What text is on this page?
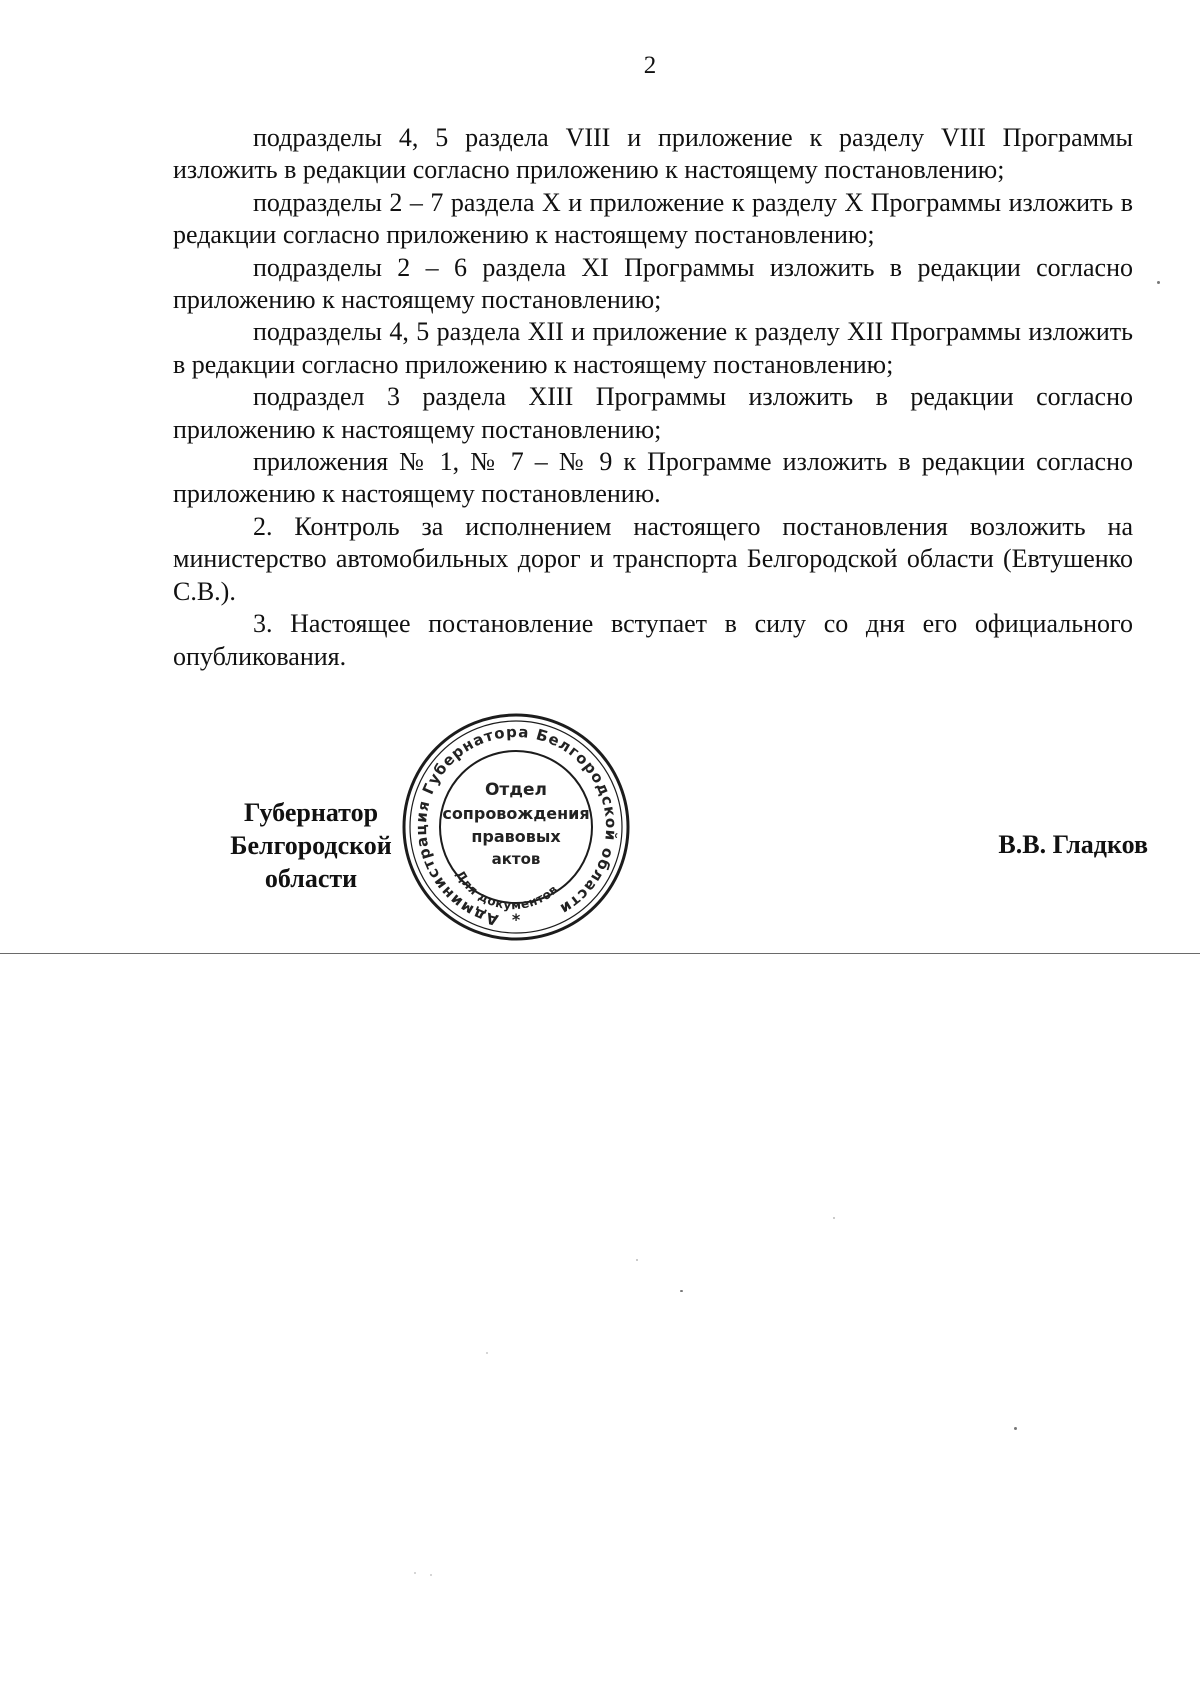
2

подразделы 4, 5 раздела VIII и приложение к разделу VIII Программы изложить в редакции согласно приложению к настоящему постановлению;

подразделы 2 – 7 раздела X и приложение к разделу X Программы изложить в редакции согласно приложению к настоящему постановлению;

подразделы 2 – 6 раздела XI Программы изложить в редакции согласно приложению к настоящему постановлению;

подразделы 4, 5 раздела XII и приложение к разделу XII Программы изложить в редакции согласно приложению к настоящему постановлению;

подраздел 3 раздела XIII Программы изложить в редакции согласно приложению к настоящему постановлению;

приложения № 1, № 7 – № 9 к Программе изложить в редакции согласно приложению к настоящему постановлению.

2. Контроль за исполнением настоящего постановления возложить на министерство автомобильных дорог и транспорта Белгородской области (Евтушенко С.В.).

3. Настоящее постановление вступает в силу со дня его официального опубликования.

Губернатор
Белгородской области
В.В. Гладков
Администрация Губернатора Белгородской области
Для документов
Отдел
сопровождения
правовых
актов
*
